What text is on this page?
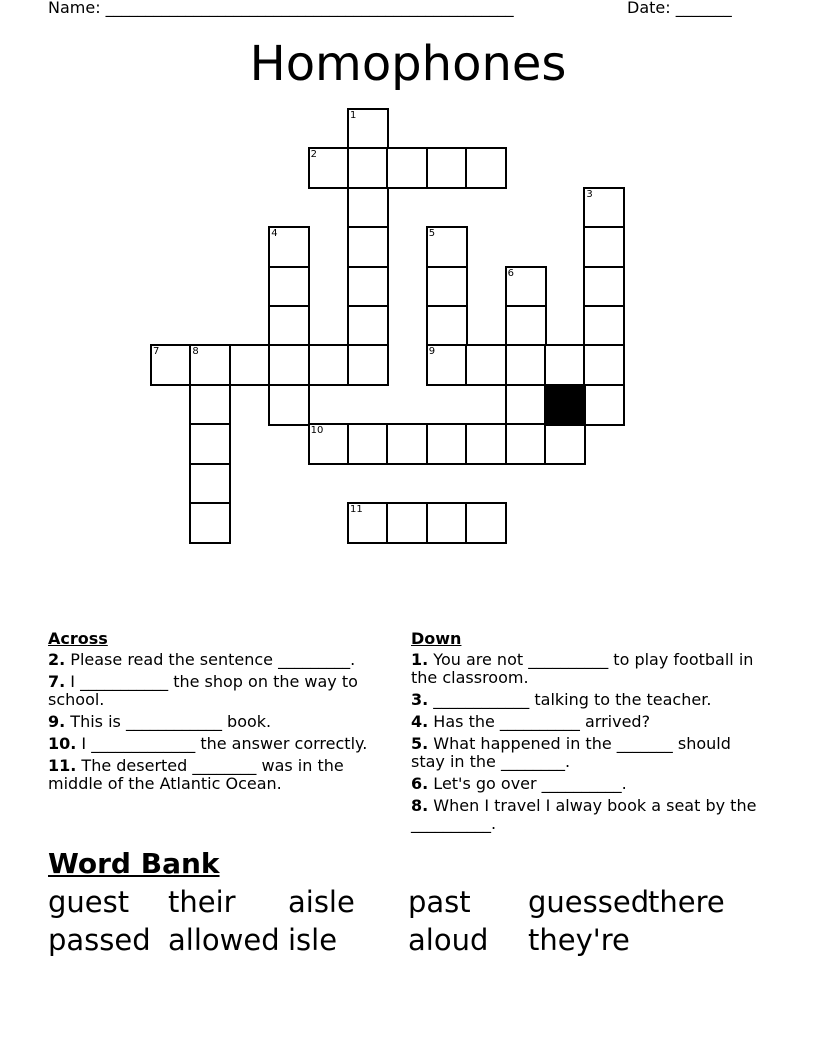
Name: ___________________________________________________	Date: _______
Homophones
1
2
3
4	5
6
7	8	9
10
11
Across
2. Please read the sentence _________.
7. I ___________ the shop on the way to school.
9. This is ____________ book.
10. I _____________ the answer correctly.
11. The deserted ________ was in the middle of the Atlantic Ocean.
Down
1. You are not __________ to play football in the classroom.
3. ____________ talking to the teacher.
4. Has the __________ arrived?
5. What happened in the _______ should stay in the ________.
6. Let's go over __________.
8. When I travel I alway book a seat by the __________.
Word Bank
guest their aisle past guessed
there
passed allowed isle aloud they're
